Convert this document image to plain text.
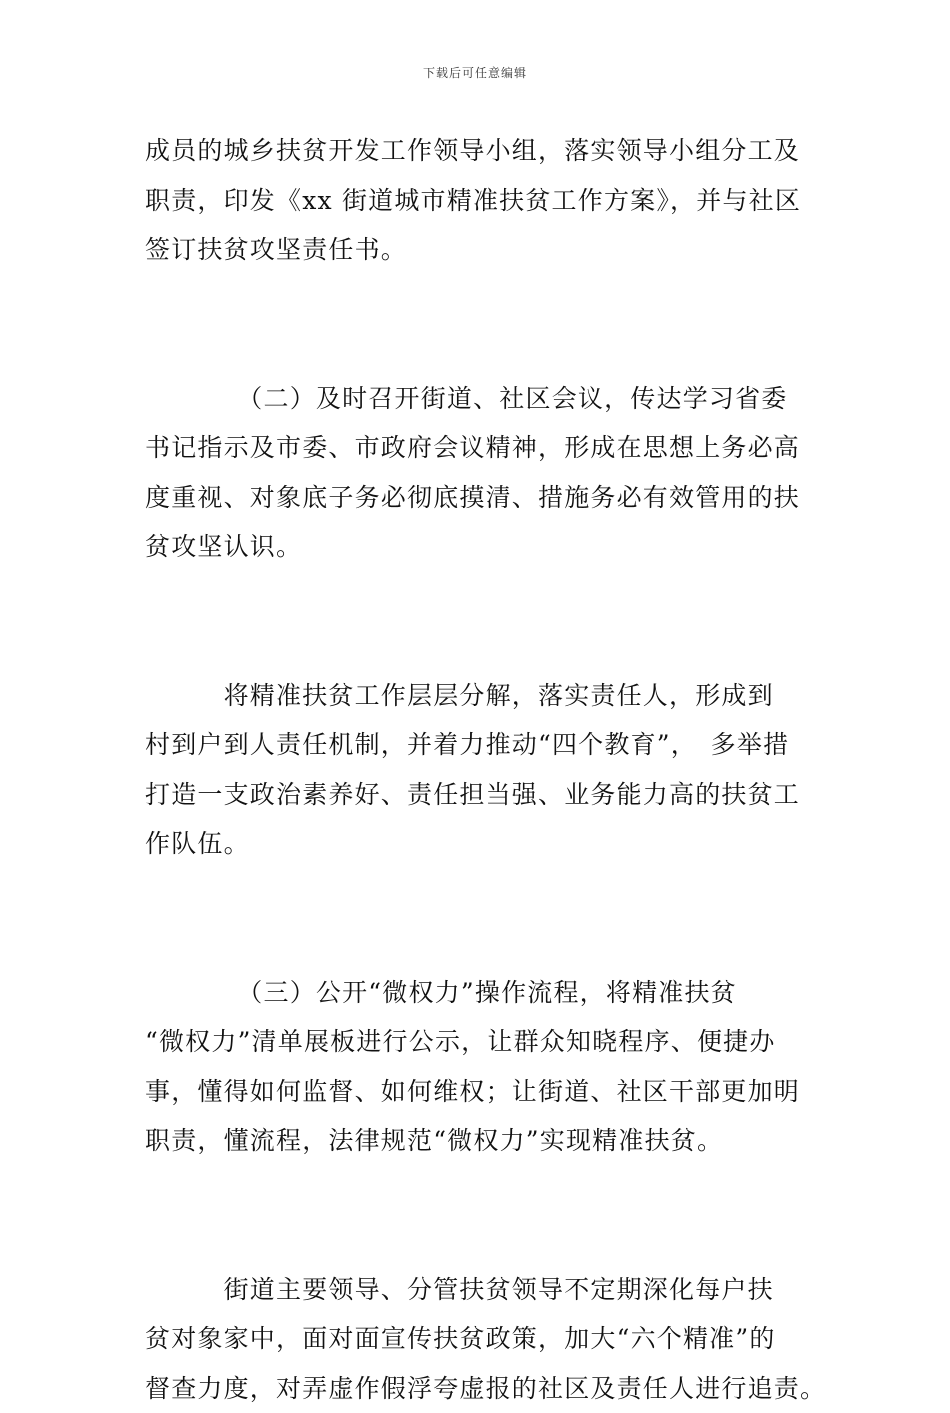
下载后可任意编辑

成员的城乡扶贫开发工作领导小组，落实领导小组分工及
职责，印发《xx 街道城市精准扶贫工作方案》，并与社区
签订扶贫攻坚责任书。

　　　　（二）及时召开街道、社区会议，传达学习省委
书记指示及市委、市政府会议精神，形成在思想上务必高
度重视、对象底子务必彻底摸清、措施务必有效管用的扶
贫攻坚认识。

　　　将精准扶贫工作层层分解，落实责任人，形成到
村到户到人责任机制，并着力推动“四个教育”，　多举措
打造一支政治素养好、责任担当强、业务能力高的扶贫工
作队伍。

　　　　（三）公开“微权力”操作流程，将精准扶贫
“微权力”清单展板进行公示，让群众知晓程序、便捷办
事，懂得如何监督、如何维权；让街道、社区干部更加明
职责，懂流程，法律规范“微权力”实现精准扶贫。

　　　街道主要领导、分管扶贫领导不定期深化每户扶
贫对象家中，面对面宣传扶贫政策，加大“六个精准”的
督查力度，对弄虚作假浮夸虚报的社区及责任人进行追责。
